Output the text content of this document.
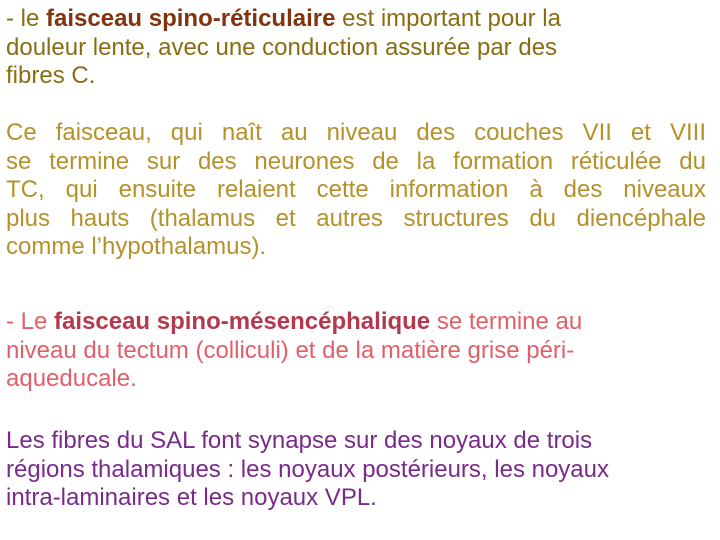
- le faisceau spino-réticulaire est important pour la
douleur lente, avec une conduction assurée par des
fibres C.

Ce faisceau, qui naît au niveau des couches VII et VIII
se termine sur des neurones de la formation réticulée du
TC, qui ensuite relaient cette information à des niveaux
plus hauts (thalamus et autres structures du diencéphale
comme l’hypothalamus).

- Le faisceau spino-mésencéphalique se termine au
niveau du tectum (colliculi) et de la matière grise péri-
aqueducale.

Les fibres du SAL font synapse sur des noyaux de trois
régions thalamiques : les noyaux postérieurs, les noyaux
intra-laminaires et les noyaux VPL.
